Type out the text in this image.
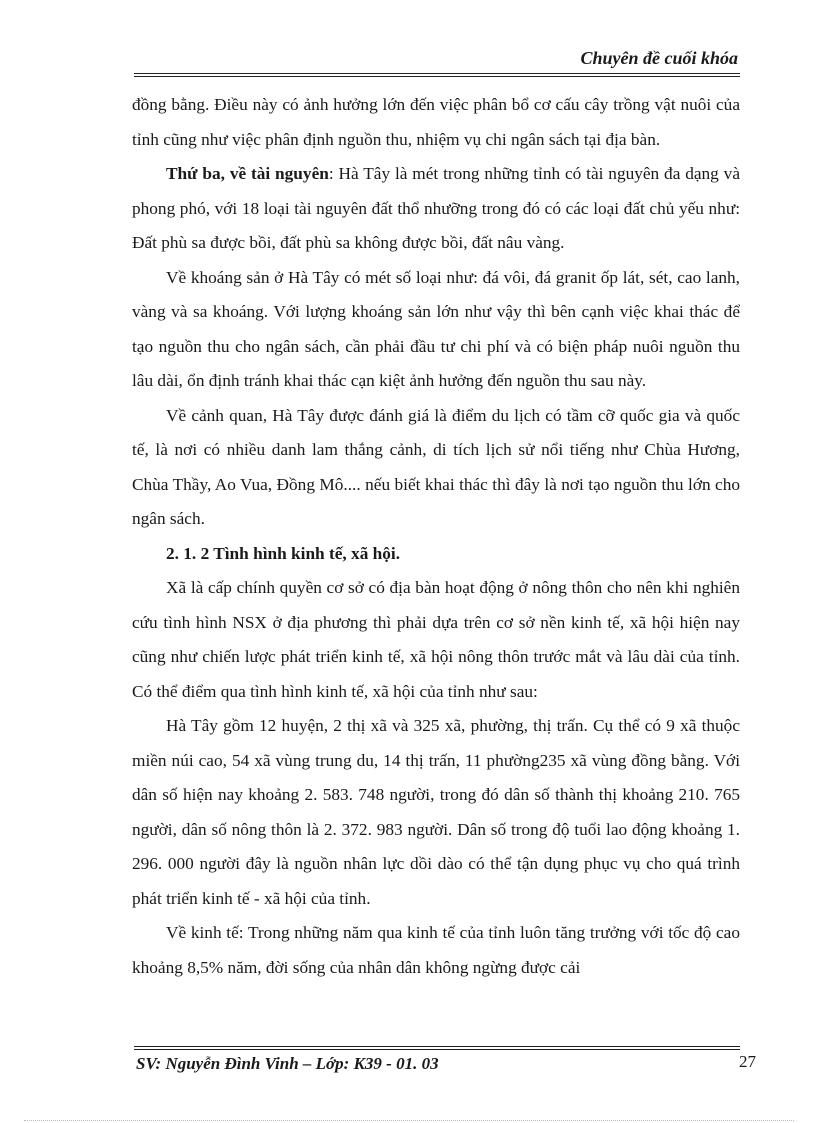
Chuyên đề cuối khóa

đồng bằng. Điều này có ảnh hưởng lớn đến việc phân bổ cơ cấu cây trồng vật nuôi của tỉnh cũng như việc phân định nguồn thu, nhiệm vụ chi ngân sách tại địa bàn.

Thứ ba, về tài nguyên: Hà Tây là mét trong những tỉnh có tài nguyên đa dạng và phong phó, với 18 loại tài nguyên đất thổ nhưỡng trong đó có các loại đất chủ yếu như: Đất phù sa được bồi, đất phù sa không được bồi, đất nâu vàng.

Về khoáng sản ở Hà Tây có mét số loại như: đá vôi, đá granit ốp lát, sét, cao lanh, vàng và sa khoáng. Với lượng khoáng sản lớn như vậy thì bên cạnh việc khai thác để tạo nguồn thu cho ngân sách, cần phải đầu tư chi phí và có biện pháp nuôi nguồn thu lâu dài, ổn định tránh khai thác cạn kiệt ảnh hưởng đến nguồn thu sau này.

Về cảnh quan, Hà Tây được đánh giá là điểm du lịch có tầm cỡ quốc gia và quốc tế, là nơi có nhiều danh lam thắng cảnh, di tích lịch sử nổi tiếng như Chùa Hương, Chùa Thầy, Ao Vua, Đồng Mô.... nếu biết khai thác thì đây là nơi tạo nguồn thu lớn cho ngân sách.

2. 1. 2 Tình hình kinh tế, xã hội.

Xã là cấp chính quyền cơ sở có địa bàn hoạt động ở nông thôn cho nên khi nghiên cứu tình hình NSX ở địa phương thì phải dựa trên cơ sở nền kinh tế, xã hội hiện nay cũng như chiến lược phát triển kinh tế, xã hội nông thôn trước mắt và lâu dài của tỉnh. Có thể điểm qua tình hình kinh tế, xã hội của tỉnh như sau:

Hà Tây gồm 12 huyện, 2 thị xã và 325 xã, phường, thị trấn. Cụ thể có 9 xã thuộc miền núi cao, 54 xã vùng trung du, 14 thị trấn, 11 phường235 xã vùng đồng bằng. Với dân số hiện nay khoảng 2. 583. 748 người, trong đó dân số thành thị khoảng 210. 765 người, dân số nông thôn là 2. 372. 983 người. Dân số trong độ tuổi lao động khoảng 1. 296. 000 người đây là nguồn nhân lực dồi dào có thể tận dụng phục vụ cho quá trình phát triển kinh tế - xã hội của tỉnh.

Về kinh tế: Trong những năm qua kinh tế của tỉnh luôn tăng trưởng với tốc độ cao khoảng 8,5% năm, đời sống của nhân dân không ngừng được cải

SV: Nguyễn Đình Vinh – Lớp: K39 - 01. 03	27
